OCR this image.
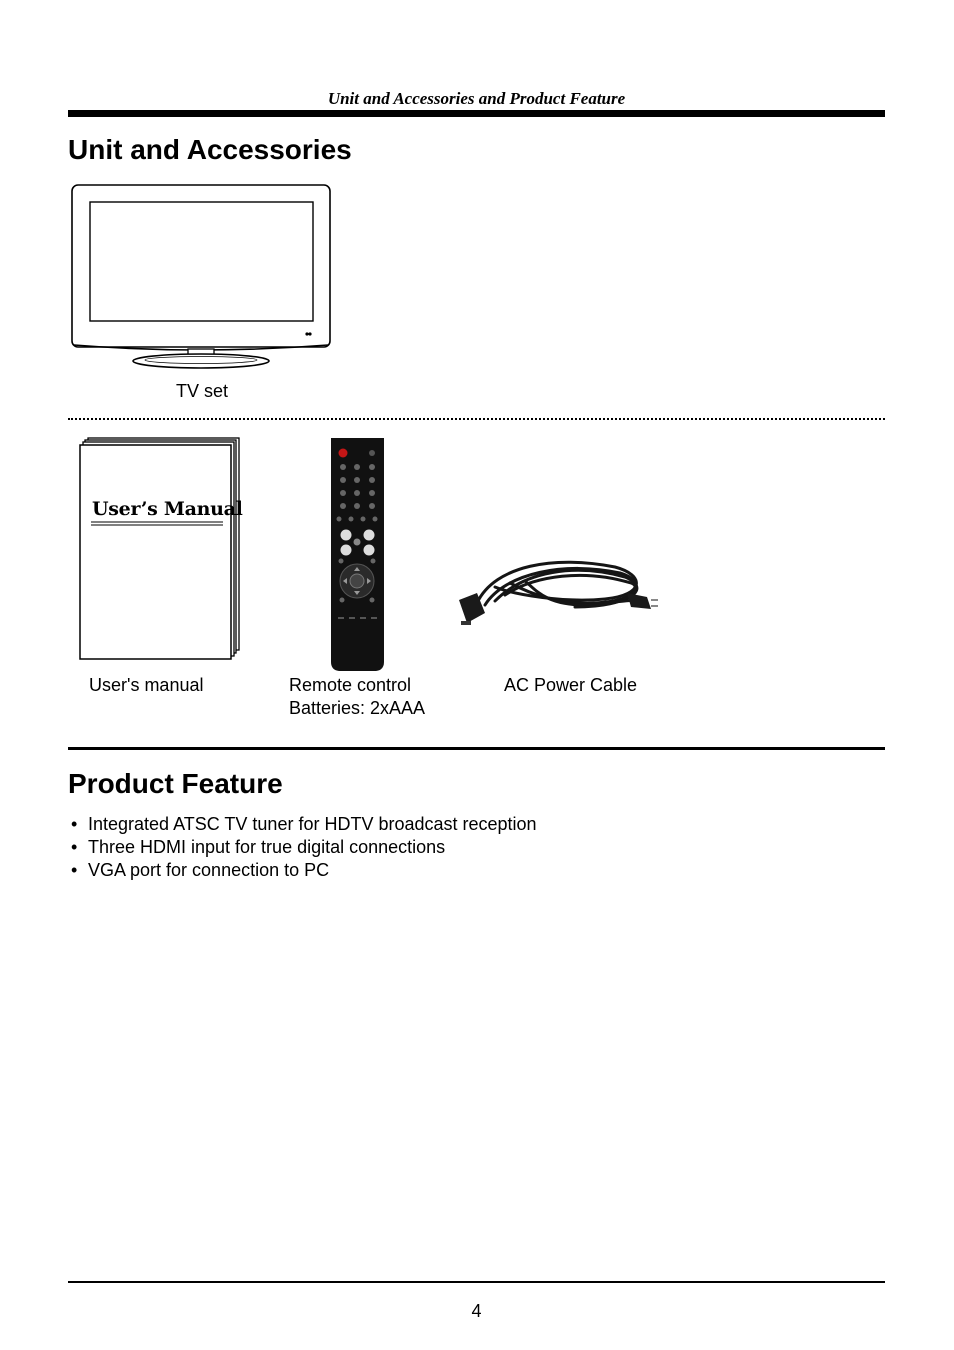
Unit and Accessories and Product Feature
Unit and Accessories
TV set
User’s Manual
User's manual	Remote control
Batteries: 2xAAA
AC Power Cable
Product Feature
• Integrated ATSC TV tuner for HDTV broadcast reception
• Three HDMI input for true digital connections
• VGA port for connection to PC
4
